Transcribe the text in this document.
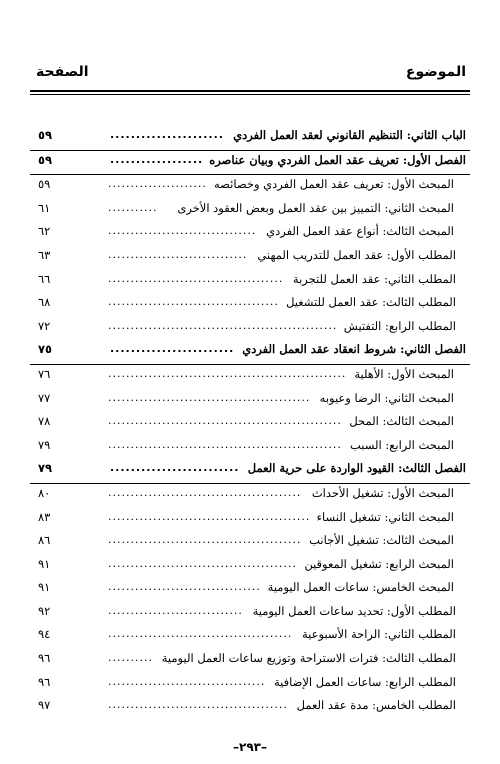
الموضوع
الصفحة
الباب الثاني: التنظيم القانوني لعقد العمل الفردي
......................
٥٩
الفصل الأول: تعريف عقد العمل الفردي وبيان عناصره
..................
٥٩
المبحث الأول: تعريف عقد العمل الفردي وخصائصه
......................
٥٩
المبحث الثاني: التمييز بين عقد العمل وبعض العقود الأخرى
...........
٦١
المبحث الثالث: أنواع عقد العمل الفردي
.................................
٦٢
المطلب الأول: عقد العمل للتدريب المهني
...............................
٦٣
المطلب الثاني: عقد العمل للتجربة
.......................................
٦٦
المطلب الثالث: عقد العمل للتشغيل
......................................
٦٨
المطلب الرابع: التفتيش
...................................................
٧٢
الفصل الثاني: شروط انعقاد عقد العمل الفردي
........................
٧٥
المبحث الأول: الأهلية
.....................................................
٧٦
المبحث الثاني: الرضا وعيوبه
.............................................
٧٧
المبحث الثالث: المحل
....................................................
٧٨
المبحث الرابع: السبب
....................................................
٧٩
الفصل الثالث: القيود الواردة على حرية العمل
.........................
٧٩
المبحث الأول: تشغيل الأحداث
...........................................
٨٠
المبحث الثاني: تشغيل النساء
.............................................
٨٣
المبحث الثالث: تشغيل الأجانب
...........................................
٨٦
المبحث الرابع: تشغيل المعوقين
..........................................
٩١
المبحث الخامس: ساعات العمل اليومية
..................................
٩١
المطلب الأول: تحديد ساعات العمل اليومية
..............................
٩٢
المطلب الثاني: الراحة الأسبوعية
.........................................
٩٤
المطلب الثالث: فترات الاستراحة وتوزيع ساعات العمل اليومية
..........
٩٦
المطلب الرابع: ساعات العمل الإضافية
...................................
٩٦
المطلب الخامس: مدة عقد العمل
........................................
٩٧
–٢٩٣–
